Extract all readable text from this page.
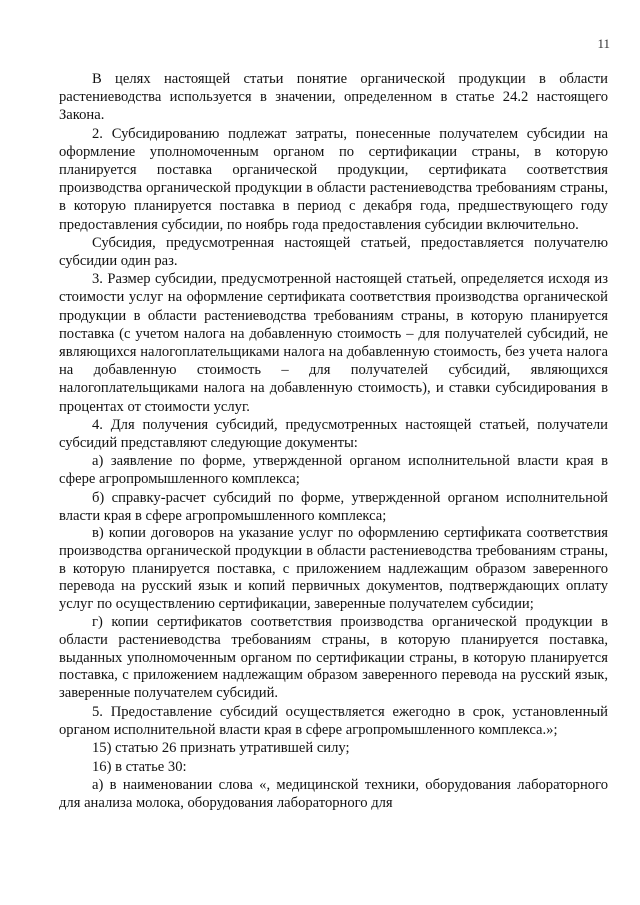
11

В целях настоящей статьи понятие органической продукции в области растениеводства используется в значении, определенном в статье 24.2 настоящего Закона.

2. Субсидированию подлежат затраты, понесенные получателем субсидии на оформление уполномоченным органом по сертификации страны, в которую планируется поставка органической продукции, сертификата соответствия производства органической продукции в области растениеводства требованиям страны, в которую планируется поставка в период с декабря года, предшествующего году предоставления субсидии, по ноябрь года предоставления субсидии включительно.

Субсидия, предусмотренная настоящей статьей, предоставляется получателю субсидии один раз.

3. Размер субсидии, предусмотренной настоящей статьей, определяется исходя из стоимости услуг на оформление сертификата соответствия производства органической продукции в области растениеводства требованиям страны, в которую планируется поставка (с учетом налога на добавленную стоимость – для получателей субсидий, не являющихся налогоплательщиками налога на добавленную стоимость, без учета налога на добавленную стоимость – для получателей субсидий, являющихся налогоплательщиками налога на добавленную стоимость), и ставки субсидирования в процентах от стоимости услуг.

4. Для получения субсидий, предусмотренных настоящей статьей, получатели субсидий представляют следующие документы:

а) заявление по форме, утвержденной органом исполнительной власти края в сфере агропромышленного комплекса;

б) справку-расчет субсидий по форме, утвержденной органом исполнительной власти края в сфере агропромышленного комплекса;

в) копии договоров на указание услуг по оформлению сертификата соответствия производства органической продукции в области растениеводства требованиям страны, в которую планируется поставка, с приложением надлежащим образом заверенного перевода на русский язык и копий первичных документов, подтверждающих оплату услуг по осуществлению сертификации, заверенные получателем субсидии;

г) копии сертификатов соответствия производства органической продукции в области растениеводства требованиям страны, в которую планируется поставка, выданных уполномоченным органом по сертификации страны, в которую планируется поставка, с приложением надлежащим образом заверенного перевода на русский язык, заверенные получателем субсидий.

5. Предоставление субсидий осуществляется ежегодно в срок, установленный органом исполнительной власти края в сфере агропромышленного комплекса.»;

15) статью 26 признать утратившей силу;

16) в статье 30:

а) в наименовании слова «, медицинской техники, оборудования лабораторного для анализа молока, оборудования лабораторного для
